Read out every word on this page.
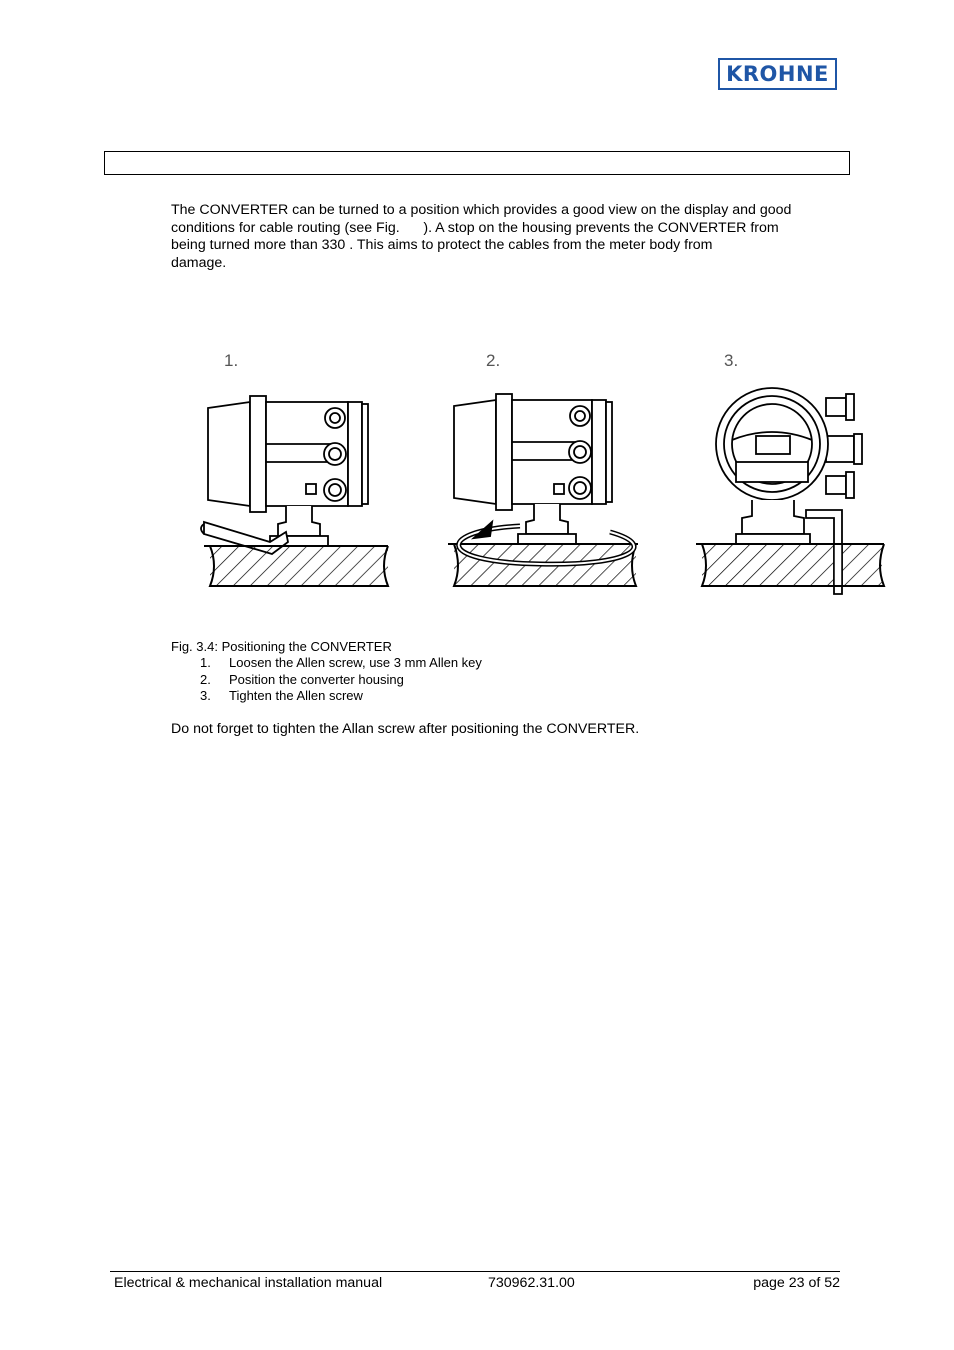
KROHNE
The CONVERTER can be turned to a position which provides a good view on the display and good
conditions for cable routing (see Fig.      ). A stop on the housing prevents the CONVERTER from
being turned more than 330 . This aims to protect the cables from the meter body from
damage.
1.	2.	3.
Fig. 3.4: Positioning the CONVERTER
1.	Loosen the Allen screw, use 3 mm Allen key
2.	Position the converter housing
3.	Tighten the Allen screw
Do not forget to tighten the Allan screw after positioning the CONVERTER.
Electrical & mechanical installation manual	730962.31.00	page 23 of 52
